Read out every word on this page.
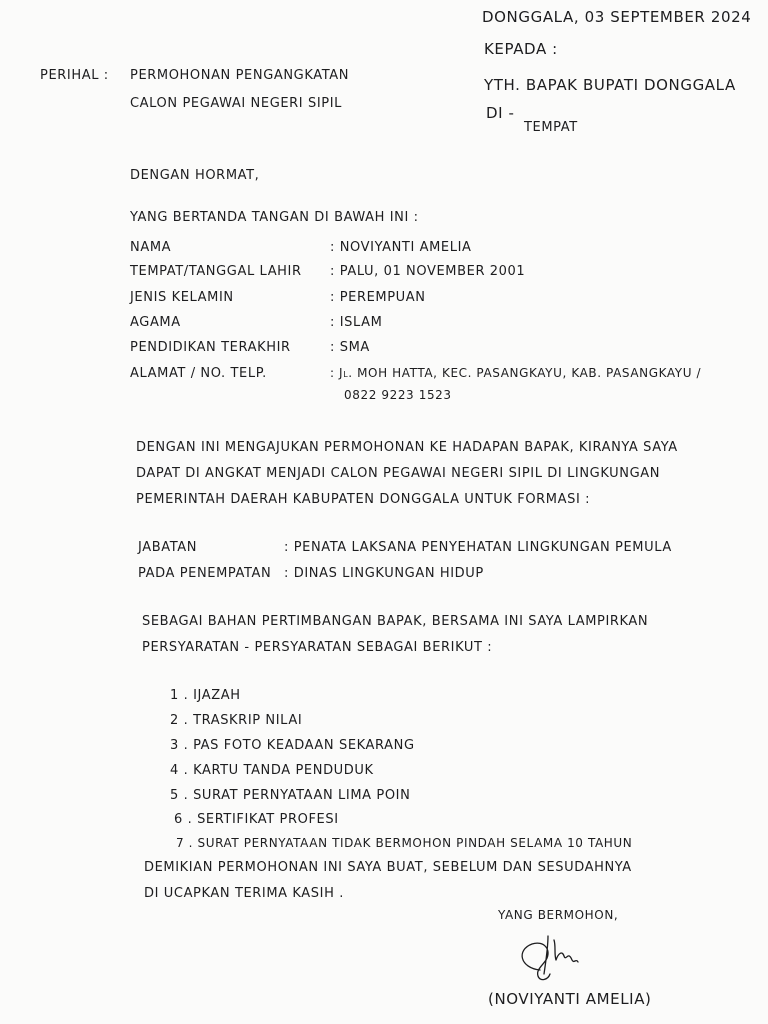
DONGGALA, 03 SEPTEMBER 2024
KEPADA :
YTH. BAPAK BUPATI DONGGALA
DI -
TEMPAT
PERIHAL : PERMOHONAN PENGANGKATAN
CALON PEGAWAI NEGERI SIPIL
DENGAN HORMAT,
YANG BERTANDA TANGAN DI BAWAH INI :
NAMA	: NOVIYANTI AMELIA
TEMPAT/TANGGAL LAHIR : PALU, 01 NOVEMBER 2001
JENIS KELAMIN	: PEREMPUAN
AGAMA	: ISLAM
PENDIDIKAN TERAKHIR	: SMA
ALAMAT / NO. TELP.	: Jl. MOH HATTA, KEC. PASANGKAYU, KAB. PASANGKAYU /
0822 9223 1523
DENGAN INI MENGAJUKAN PERMOHONAN KE HADAPAN BAPAK, KIRANYA SAYA
DAPAT DI ANGKAT MENJADI CALON PEGAWAI NEGERI SIPIL DI LINGKUNGAN
PEMERINTAH DAERAH KABUPATEN DONGGALA UNTUK FORMASI :
JABATAN	: PENATA LAKSANA PENYEHATAN LINGKUNGAN PEMULA
PADA PENEMPATAN : DINAS LINGKUNGAN HIDUP
SEBAGAI BAHAN PERTIMBANGAN BAPAK, BERSAMA INI SAYA LAMPIRKAN
PERSYARATAN - PERSYARATAN SEBAGAI BERIKUT :
1 . IJAZAH
2 . TRASKRIP NILAI
3 . PAS FOTO KEADAAN SEKARANG
4 . KARTU TANDA PENDUDUK
5 . SURAT PERNYATAAN LIMA POIN
6 . SERTIFIKAT PROFESI
7 . SURAT PERNYATAAN TIDAK BERMOHON PINDAH SELAMA 10 TAHUN
DEMIKIAN PERMOHONAN INI SAYA BUAT, SEBELUM DAN SESUDAHNYA
DI UCAPKAN TERIMA KASIH .
YANG BERMOHON,
(NOVIYANTI AMELIA)
